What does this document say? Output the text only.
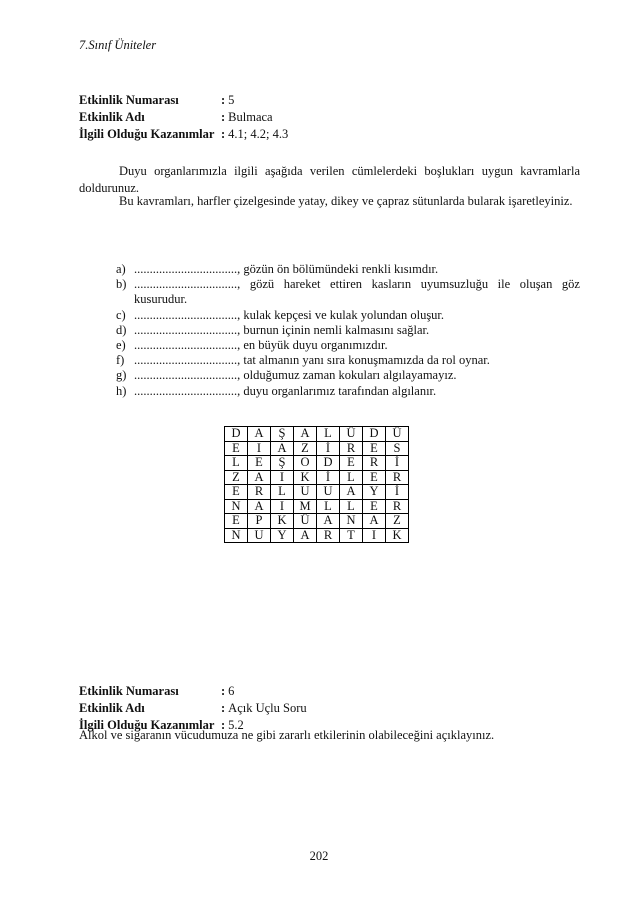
7.Sınıf Üniteler
Etkinlik Numarası	: 5
Etkinlik Adı	: Bulmaca
İlgili Olduğu Kazanımlar : 4.1; 4.2; 4.3
Duyu organlarımızla ilgili aşağıda verilen cümlelerdeki boşlukları uygun kavramlarla doldurunuz.
Bu kavramları, harfler çizelgesinde yatay, dikey ve çapraz sütunlarda bularak işaretleyiniz.
a) ................................., gözün ön bölümündeki renkli kısımdır.
b) ................................., gözü hareket ettiren kasların uyumsuzluğu ile oluşan göz kusurudur.
c) ................................., kulak kepçesi ve kulak yolundan oluşur.
d) ................................., burnun içinin nemli kalmasını sağlar.
e) ................................., en büyük duyu organımızdır.
f) ................................., tat almanın yanı sıra konuşmamızda da rol oynar.
g) ................................., olduğumuz zaman kokuları algılayamayız.
h) ................................., duyu organlarımız tarafından algılanır.
D	A	Ş	A	L	Ü	D	Ü
E	I	A	Z	İ	R	E	S
L	E	Ş	O	D	E	R	İ
Z	A	I	K	İ	L	E	R
E	R	L	U	U	A	Y	İ
N	A	I	M	L	L	E	R
E	P	K	Ü	A	N	A	Z
N	U	Y	A	R	T	I	K
Etkinlik Numarası	: 6
Etkinlik Adı	: Açık Uçlu Soru
İlgili Olduğu Kazanımlar : 5.2
Alkol ve sigaranın vücudumuza ne gibi zararlı etkilerinin olabileceğini açıklayınız.
202
